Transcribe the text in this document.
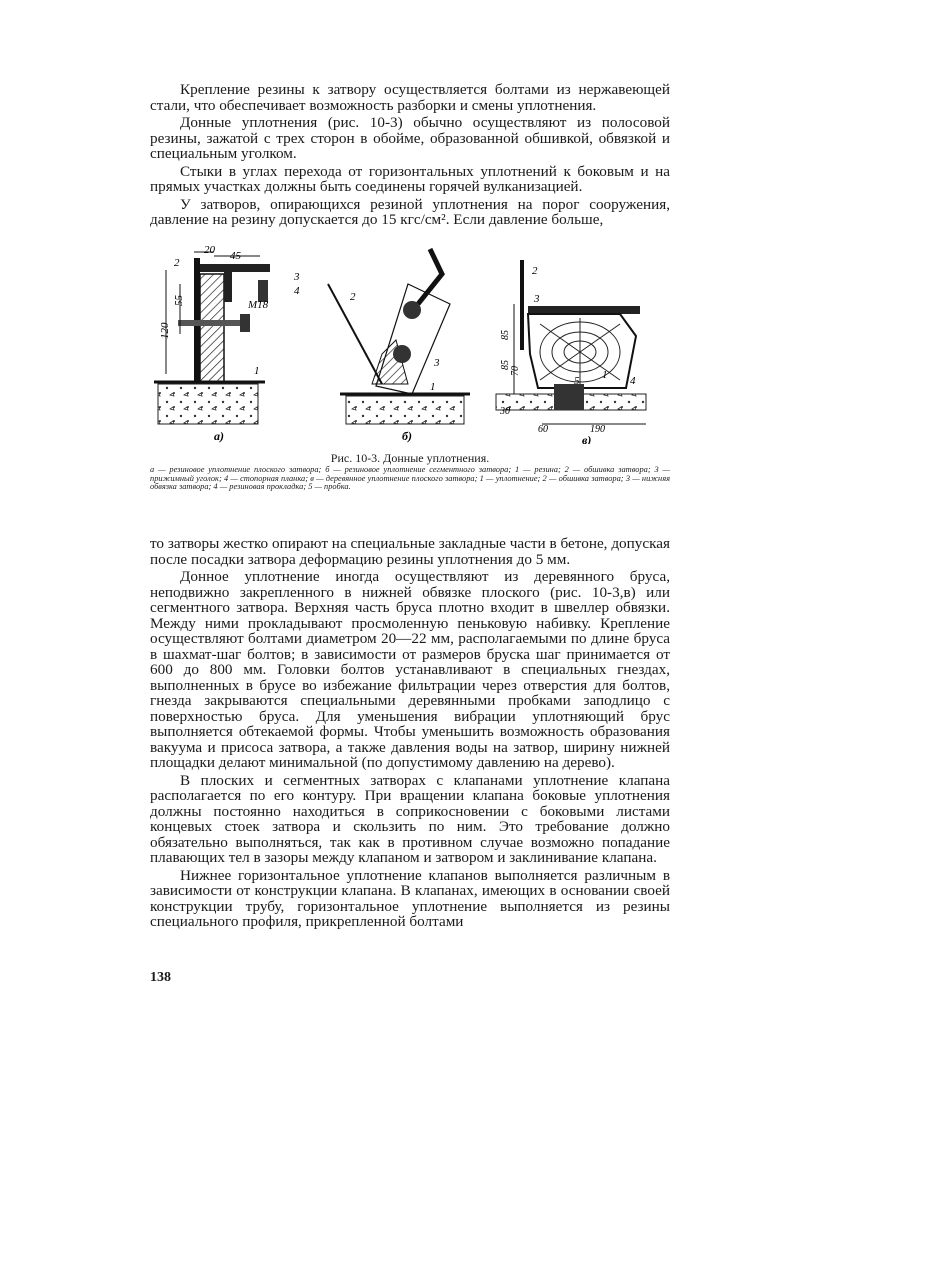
Крепление резины к затвору осуществляется болтами из нержавеющей стали, что обеспечивает возможность разборки и смены уплотнения.

Донные уплотнения (рис. 10-3) обычно осуществляют из полосовой резины, зажатой с трех сторон в обойме, образованной обшивкой, обвязкой и специальным уголком.

Стыки в углах перехода от горизонтальных уплотнений к боковым и на прямых участках должны быть соединены горячей вулканизацией.

У затворов, опирающихся резиной уплотнения на порог сооружения, давление на резину допускается до 15 кгс/см². Если давление больше,

20 45
55
120
M18
2
3
4
1
а)
2
3
1
б)
2
3
5 1 4
85
85
70
30
60	190
в)
Рис. 10-3. Донные уплотнения.
а — резиновое уплотнение плоского затвора; б — резиновое уплотнение сегментного затвора; 1 — резина; 2 — обшивка затвора; 3 — прижимный уголок; 4 — стопорная планка; в — деревянное уплотнение плоского затвора; 1 — уплотнение; 2 — обшивка затвора; 3 — нижняя обвязка затвора; 4 — резиновая прокладка; 5 — пробка.

то затворы жестко опирают на специальные закладные части в бетоне, допуская после посадки затвора деформацию резины уплотнения до 5 мм.

Донное уплотнение иногда осуществляют из деревянного бруса, неподвижно закрепленного в нижней обвязке плоского (рис. 10-3,в) или сегментного затвора. Верхняя часть бруса плотно входит в швеллер обвязки. Между ними прокладывают просмоленную пеньковую набивку. Крепление осуществляют болтами диаметром 20—22 мм, располагаемыми по длине бруса в шахмат-шаг болтов; в зависимости от размеров бруска шаг принимается от 600 до 800 мм. Головки болтов устанавливают в специальных гнездах, выполненных в брусе во избежание фильтрации через отверстия для болтов, гнезда закрываются специальными деревянными пробками заподлицо с поверхностью бруса. Для уменьшения вибрации уплотняющий брус выполняется обтекаемой формы. Чтобы уменьшить возможность образования вакуума и присоса затвора, а также давления воды на затвор, ширину нижней площадки делают минимальной (по допустимому давлению на дерево).

В плоских и сегментных затворах с клапанами уплотнение клапана располагается по его контуру. При вращении клапана боковые уплотнения должны постоянно находиться в соприкосновении с боковыми листами концевых стоек затвора и скользить по ним. Это требование должно обязательно выполняться, так как в противном случае возможно попадание плавающих тел в зазоры между клапаном и затвором и заклинивание клапана.

Нижнее горизонтальное уплотнение клапанов выполняется различным в зависимости от конструкции клапана. В клапанах, имеющих в основании своей конструкции трубу, горизонтальное уплотнение выполняется из резины специального профиля, прикрепленной болтами

138
